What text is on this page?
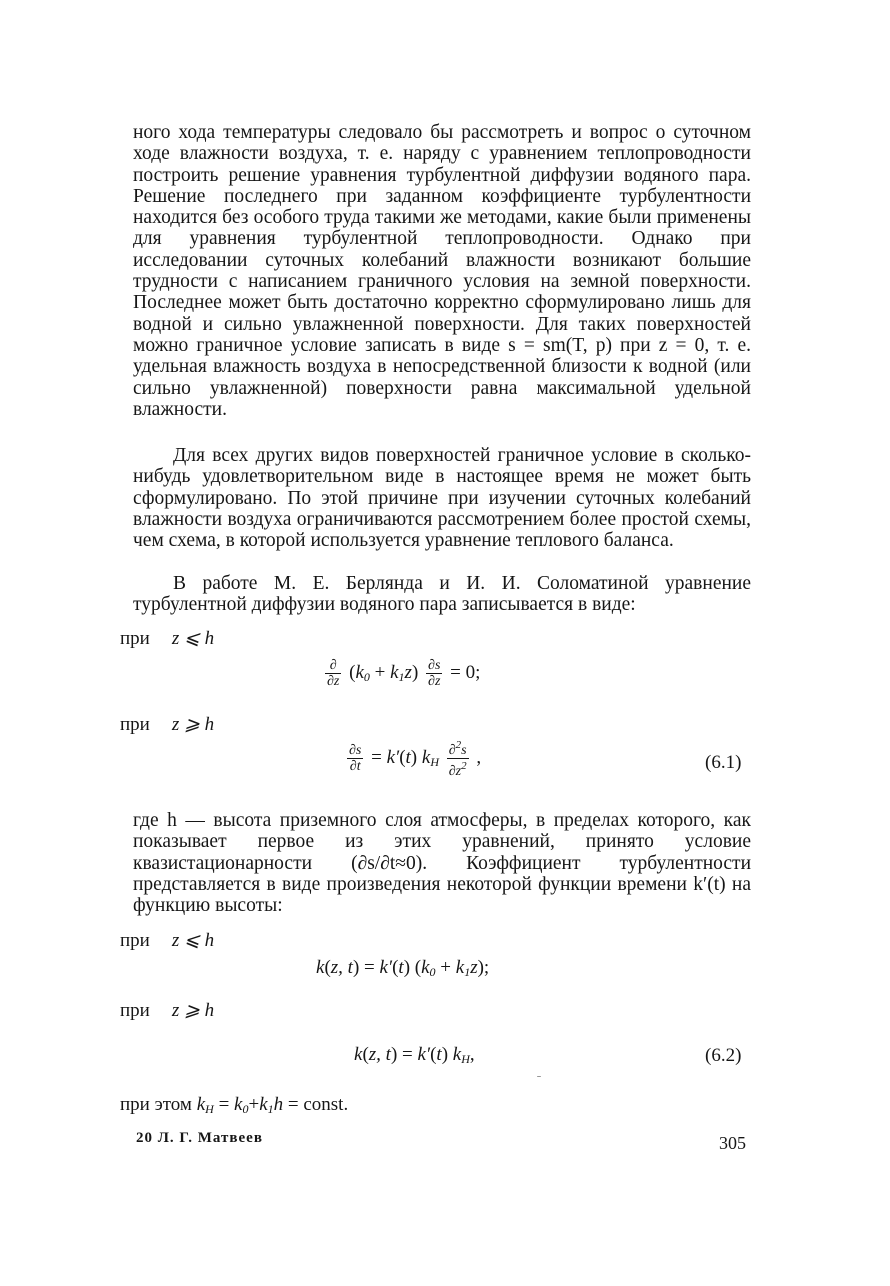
ного хода температуры следовало бы рассмотреть и вопрос о суточном ходе влажности воздуха, т. е. наряду с уравнением теплопроводности построить решение уравнения турбулентной диффузии водяного пара. Решение последнего при заданном коэффициенте турбулентности находится без особого труда такими же методами, какие были применены для уравнения турбулентной теплопроводности. Однако при исследовании суточных колебаний влажности возникают большие трудности с написанием граничного условия на земной поверхности. Последнее может быть достаточно корректно сформулировано лишь для водной и сильно увлажненной поверхности. Для таких поверхностей можно граничное условие записать в виде s = sm(T, p) при z = 0, т. е. удельная влажность воздуха в непосредственной близости к водной (или сильно увлажненной) поверхности равна максимальной удельной влажности.

Для всех других видов поверхностей граничное условие в сколько-нибудь удовлетворительном виде в настоящее время не может быть сформулировано. По этой причине при изучении суточных колебаний влажности воздуха ограничиваются рассмотрением более простой схемы, чем схема, в которой используется уравнение теплового баланса.

В работе М. Е. Берлянда и И. И. Соломатиной уравнение турбулентной диффузии водяного пара записывается в виде:

при z ⩽ h
$\frac{\partial}{\partial z} (k_0 + k_1z) \frac{\partial s}{\partial z} = 0$;
при z ⩾ h
$\frac{\partial s}{\partial t} = k'(t)$ $k_H \frac{\partial^2s}{\partial z^2}$ ,	(6.1)

где h — высота приземного слоя атмосферы, в пределах которого, как показывает первое из этих уравнений, принято условие квазистационарности (∂s/∂t≈0). Коэффициент турбулентности представляется в виде произведения некоторой функции времени k′(t) на функцию высоты:

при z ⩽ h
k(z, t) = k′(t) $(k_0 + k_1z)$;
при z ⩾ h
k(z, t) = k′(t) $k_H$,	(6.2)
ˉ
при этом $k_H = k_0+k_1h$ = const.
20 Л. Г. Матвеев	305
